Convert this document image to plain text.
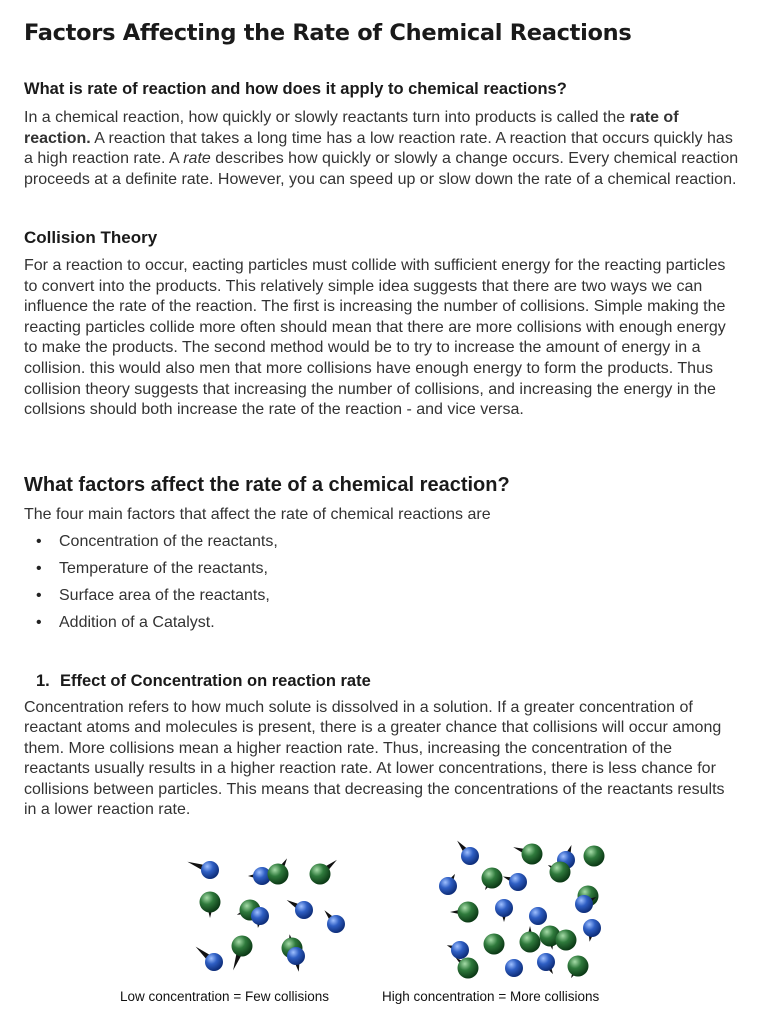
Factors Affecting the Rate of Chemical Reactions
What is rate of reaction and how does it apply to chemical reactions?

In a chemical reaction, how quickly or slowly reactants turn into products is called the rate of reaction. A reaction that takes a long time has a low reaction rate. A reaction that occurs quickly has a high reaction rate. A rate describes how quickly or slowly a change occurs. Every chemical reaction proceeds at a definite rate. However, you can speed up or slow down the rate of a chemical reaction.

Collision Theory

For a reaction to occur, eacting particles must collide with sufficient energy for the reacting particles to convert into the products. This relatively simple idea suggests that there are two ways we can influence the rate of the reaction. The first is increasing the number of collisions. Simple making the reacting particles collide more often should mean that there are more collisions with enough energy to make the products. The second method would be to try to increase the amount of energy in a collision. this would also men that more collisions have enough energy to form the products. Thus collision theory suggests that increasing the number of collisions, and increasing the energy in the collsions should both increase the rate of the reaction - and vice versa.

What factors affect the rate of a chemical reaction?

The four main factors that affect the rate of chemical reactions are

• Concentration of the reactants,
• Temperature of the reactants,
• Surface area of the reactants,
• Addition of a Catalyst.
1. Effect of Concentration on reaction rate

Concentration refers to how much solute is dissolved in a solution. If a greater concentration of reactant atoms and molecules is present, there is a greater chance that collisions will occur among them. More collisions mean a higher reaction rate. Thus, increasing the concentration of the reactants usually results in a higher reaction rate. At lower concentrations, there is less chance for collisions between particles. This means that decreasing the concentrations of the reactants results in a lower reaction rate.

Low concentration = Few collisions	High concentration = More collisions
